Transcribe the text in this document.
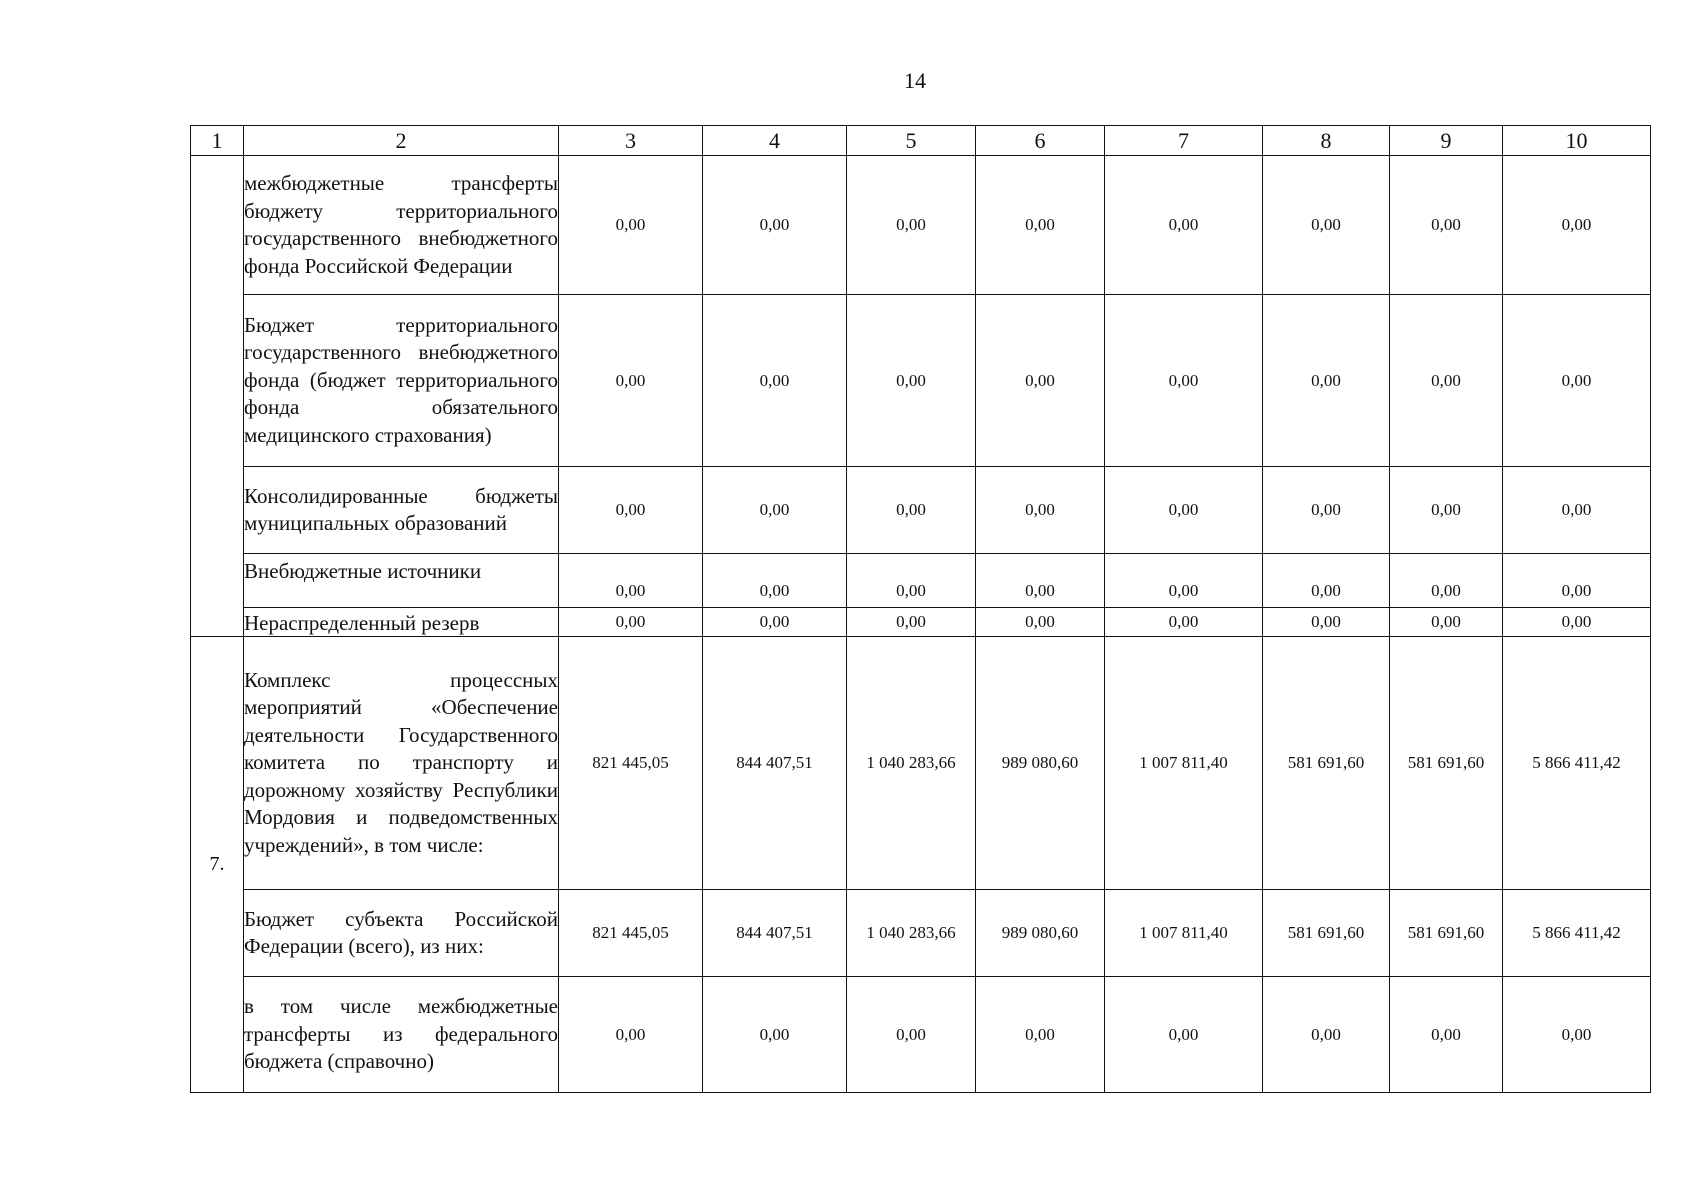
14
1	2	3	4	5	6	7	8	9	10
	межбюджетные трансферты бюджету территориального государственного внебюджетного фонда Российской Федерации	0,00	0,00	0,00	0,00	0,00	0,00	0,00	0,00
	Бюджет территориального государственного внебюджетного фонда (бюджет территориального фонда обязательного медицинского страхования)	0,00	0,00	0,00	0,00	0,00	0,00	0,00	0,00
	Консолидированные бюджеты муниципальных образований	0,00	0,00	0,00	0,00	0,00	0,00	0,00	0,00
	Внебюджетные источники	0,00	0,00	0,00	0,00	0,00	0,00	0,00	0,00
	Нераспределенный резерв	0,00	0,00	0,00	0,00	0,00	0,00	0,00	0,00
7.	Комплекс процессных мероприятий «Обеспечение деятельности Государственного комитета по транспорту и дорожному хозяйству Республики Мордовия и подведомственных учреждений», в том числе:	821 445,05	844 407,51	1 040 283,66	989 080,60	1 007 811,40	581 691,60	581 691,60	5 866 411,42
	Бюджет субъекта Российской Федерации (всего), из них:	821 445,05	844 407,51	1 040 283,66	989 080,60	1 007 811,40	581 691,60	581 691,60	5 866 411,42
	в том числе межбюджетные трансферты из федерального бюджета (справочно)	0,00	0,00	0,00	0,00	0,00	0,00	0,00	0,00
